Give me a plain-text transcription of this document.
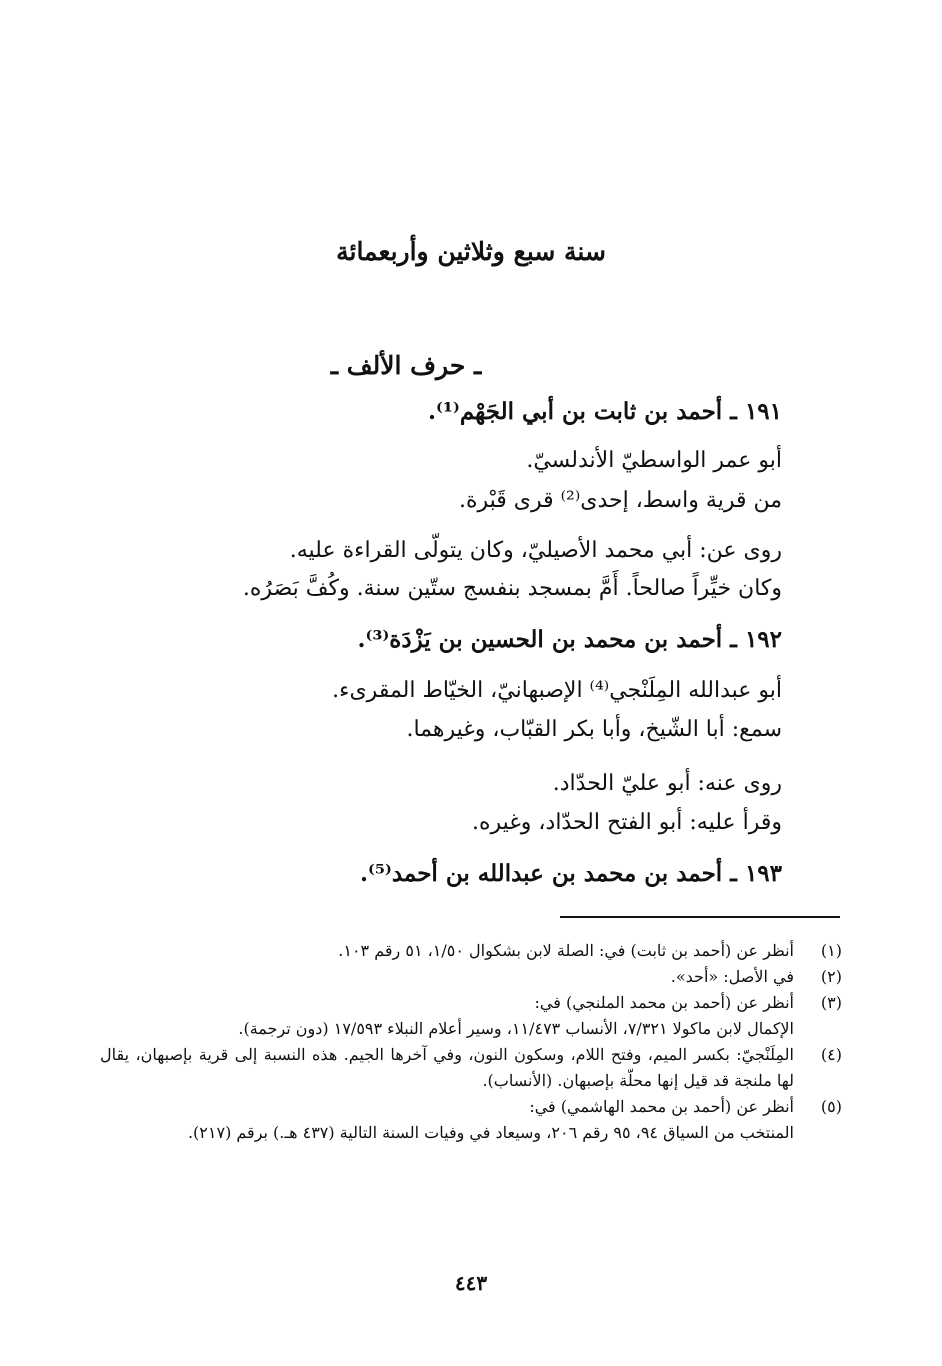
سنة سبع وثلاثين وأربعمائة
ـ حرف الألف ـ
١٩١ ـ أحمد بن ثابت بن أبي الجَهْم⁽¹⁾.
أبو عمر الواسطيّ الأندلسيّ.
من قرية واسط، إحدى⁽²⁾ قرى قَبْرة.
روى عن: أبي محمد الأصيليّ، وكان يتولّى القراءة عليه.
وكان خيِّراً صالحاً. أَمَّ بمسجد بنفسج ستّين سنة. وكُفَّ بَصَرُه.
١٩٢ ـ أحمد بن محمد بن الحسين بن يَزْدَة⁽³⁾.
أبو عبدالله المِلَنْجي⁽⁴⁾ الإصبهانيّ، الخيّاط المقرىء.
سمع: أبا الشّيخ، وأبا بكر القبّاب، وغيرهما.
روى عنه: أبو عليّ الحدّاد.
وقرأ عليه: أبو الفتح الحدّاد، وغيره.
١٩٣ ـ أحمد بن محمد بن عبدالله بن أحمد⁽⁵⁾.
(١)
أنظر عن (أحمد بن ثابت) في: الصلة لابن بشكوال ١/٥٠، ٥١ رقم ١٠٣.
(٢)
في الأصل: «أحد».
(٣)
أنظر عن (أحمد بن محمد الملنجي) في:
الإكمال لابن ماكولا ٧/٣٢١، الأنساب ١١/٤٧٣، وسير أعلام النبلاء ١٧/٥٩٣ (دون ترجمة).
(٤)
المِلَنْجيّ: بكسر الميم، وفتح اللام، وسكون النون، وفي آخرها الجيم. هذه النسبة إلى قرية بإصبهان، يقال لها ملنجة قد قيل إنها محلّة بإصبهان. (الأنساب).
(٥)
أنظر عن (أحمد بن محمد الهاشمي) في:
المنتخب من السياق ٩٤، ٩٥ رقم ٢٠٦، وسيعاد في وفيات السنة التالية (٤٣٧ هـ.) برقم (٢١٧).
٤٤٣
